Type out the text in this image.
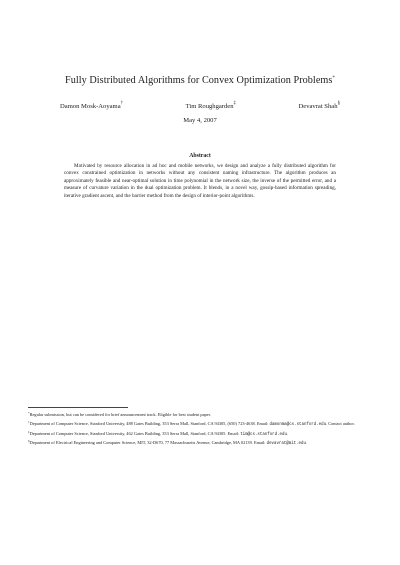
Fully Distributed Algorithms for Convex Optimization Problems*
Damon Mosk-Aoyama†	Tim Roughgarden‡	Devavrat Shah§
May 4, 2007
Abstract

Motivated by resource allocation in ad hoc and mobile networks, we design and analyze a fully distributed algorithm for convex constrained optimization in networks without any consistent naming infrastructure. The algorithm produces an approximately feasible and near-optimal solution in time polynomial in the network size, the inverse of the permitted error, and a measure of curvature variation in the dual optimization problem. It blends, in a novel way, gossip-based information spreading, iterative gradient ascent, and the barrier method from the design of interior-point algorithms.

*Regular submission, but can be considered for brief announcement track. Eligible for best student paper.

†Department of Computer Science, Stanford University, 488 Gates Building, 353 Serra Mall, Stanford, CA 94305, (650) 723-4638. Email: damonma@cs.stanford.edu. Contact author.

‡Department of Computer Science, Stanford University, 462 Gates Building, 353 Serra Mall, Stanford, CA 94305. Email: tim@cs.stanford.edu.

§Department of Electrical Engineering and Computer Science, MIT, 32-D670, 77 Massachusetts Avenue, Cambridge, MA 02139. Email: devavrat@mit.edu.
